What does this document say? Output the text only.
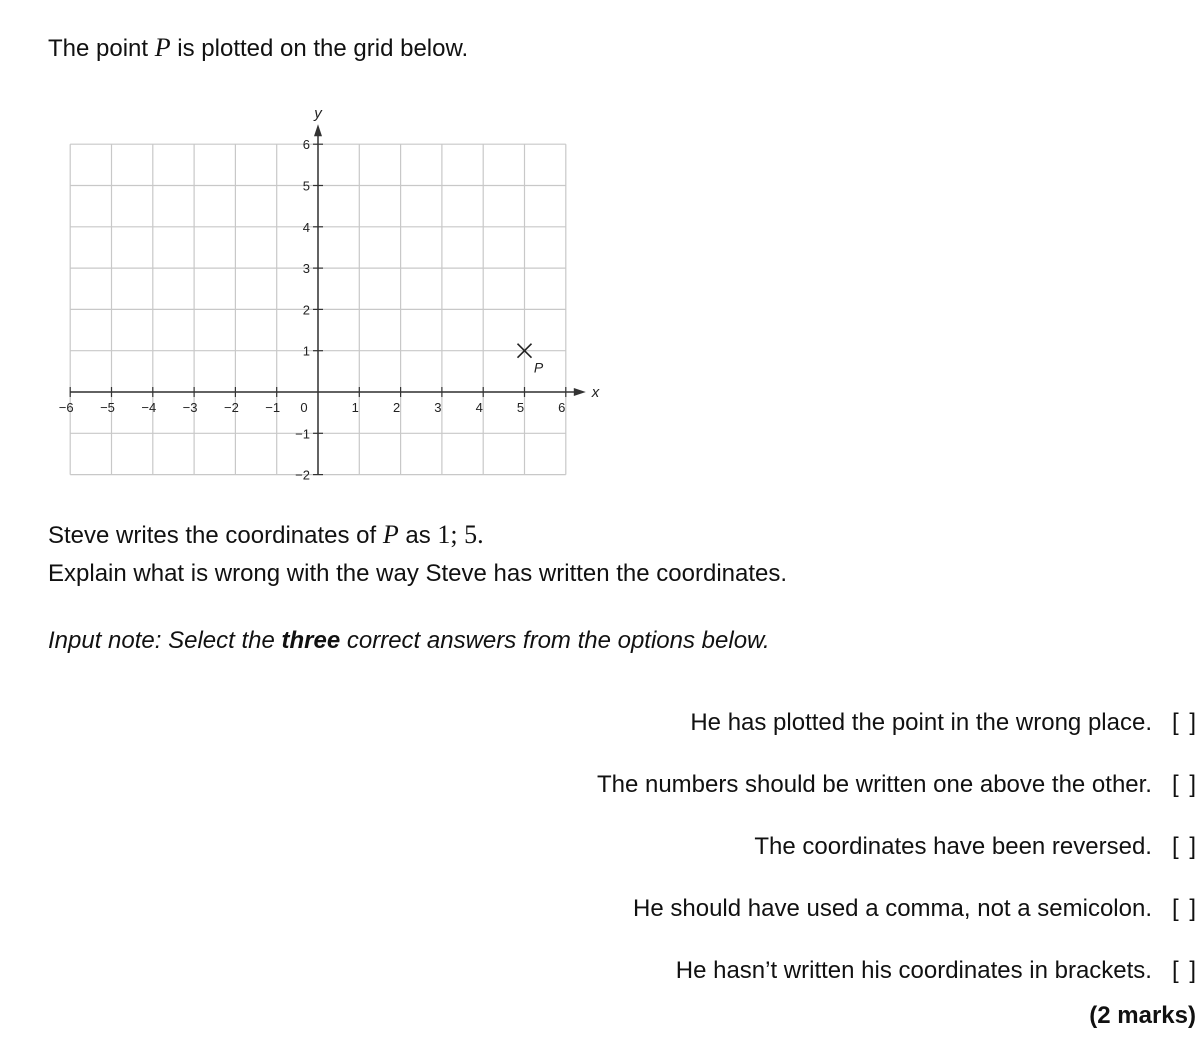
The point P is plotted on the grid below.
−6 −5 −4 −3 −2 −1	1	2	3	4	5	6
−2
−1
1
2
3
4
5
6
0
x
y
P
Steve writes the coordinates of P as 1; 5.
Explain what is wrong with the way Steve has written the coordinates.
Input note: Select the three correct answers from the options below.
He has plotted the point in the wrong place. [ ]
The numbers should be written one above the other. [ ]
The coordinates have been reversed. [ ]
He should have used a comma, not a semicolon. [ ]
He hasn’t written his coordinates in brackets. [ ]
(2 marks)
